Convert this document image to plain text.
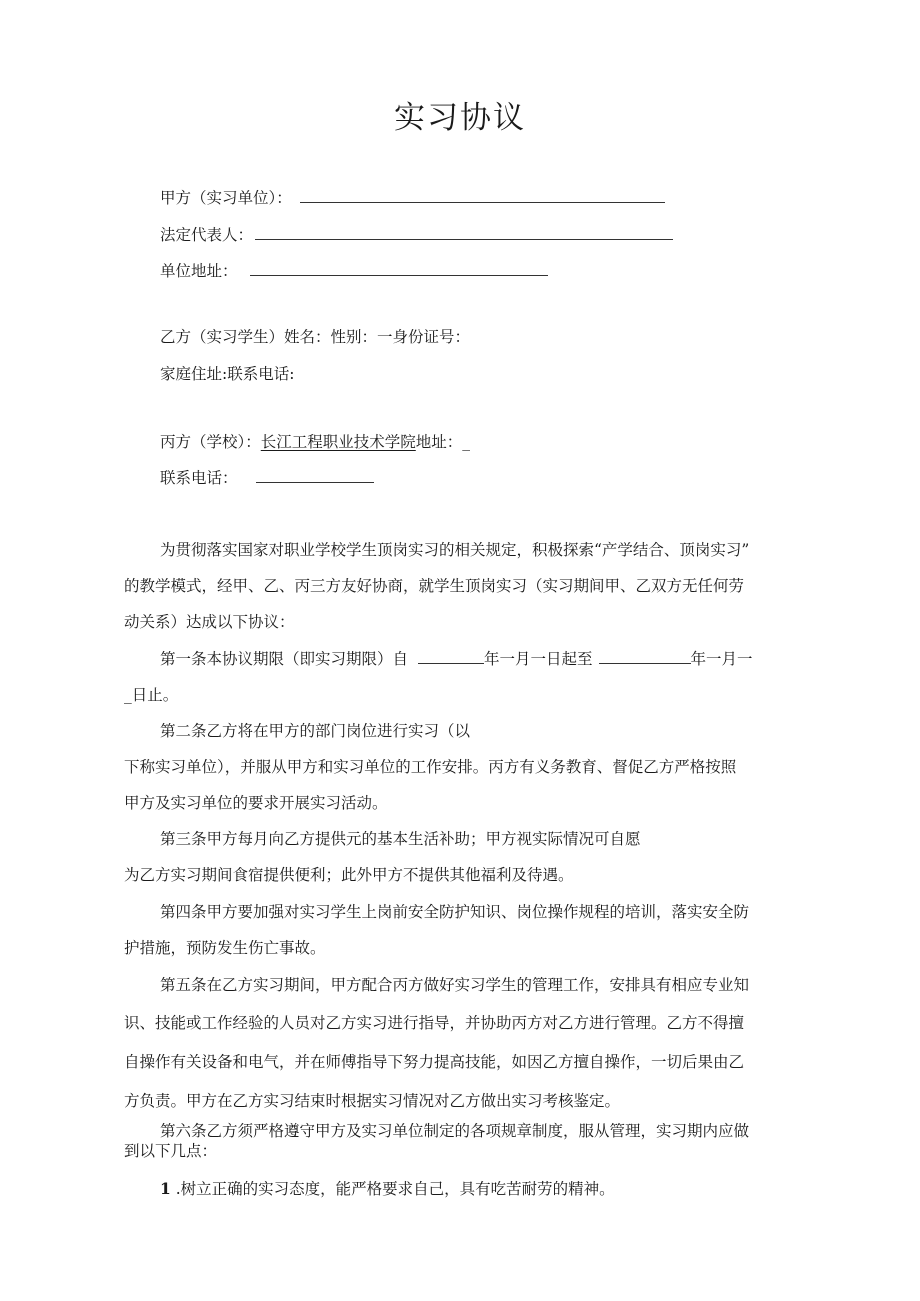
实习协议
甲方（实习单位）：
法定代表人：
单位地址：
乙方（实习学生）姓名：性别：一身份证号：
家庭住址:联系电话:
丙方（学校）：长江工程职业技术学院地址：_
联系电话：
为贯彻落实国家对职业学校学生顶岗实习的相关规定，积极探索“产学结合、顶岗实习”
的教学模式，经甲、乙、丙三方友好协商，就学生顶岗实习（实习期间甲、乙双方无任何劳
动关系）达成以下协议：
第一条本协议期限（即实习期限）自	年一月一日起至	年一月一
_日止。
第二条乙方将在甲方的部门岗位进行实习（以
下称实习单位），并服从甲方和实习单位的工作安排。丙方有义务教育、督促乙方严格按照
甲方及实习单位的要求开展实习活动。
第三条甲方每月向乙方提供元的基本生活补助；甲方视实际情况可自愿
为乙方实习期间食宿提供便利；此外甲方不提供其他福利及待遇。
第四条甲方要加强对实习学生上岗前安全防护知识、岗位操作规程的培训，落实安全防
护措施，预防发生伤亡事故。
第五条在乙方实习期间，甲方配合丙方做好实习学生的管理工作，安排具有相应专业知
识、技能或工作经验的人员对乙方实习进行指导，并协助丙方对乙方进行管理。乙方不得擅
自操作有关设备和电气，并在师傅指导下努力提高技能，如因乙方擅自操作，一切后果由乙
方负责。甲方在乙方实习结束时根据实习情况对乙方做出实习考核鉴定。
第六条乙方须严格遵守甲方及实习单位制定的各项规章制度，服从管理，实习期内应做
到以下几点：
1 .树立正确的实习态度，能严格要求自己，具有吃苦耐劳的精神。
